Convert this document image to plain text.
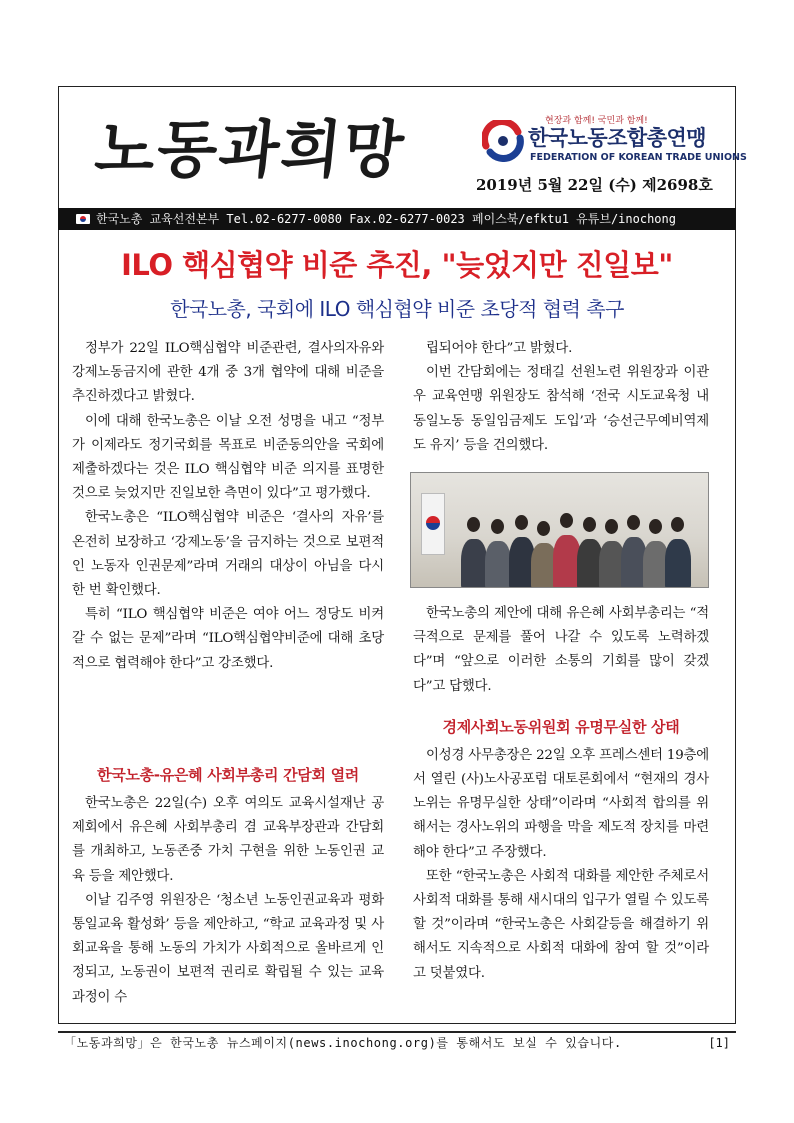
노동과희망	현장과 함께! 국민과 함께!
한국노동조합총연맹
FEDERATION OF KOREAN TRADE UNIONS
2019년 5월 22일 (수) 제2698호
한국노총 교육선전본부 Tel.02-6277-0080 Fax.02-6277-0023 페이스북/efktu1 유튜브/inochong
ILO 핵심협약 비준 추진, "늦었지만 진일보"
한국노총, 국회에 ILO 핵심협약 비준 초당적 협력 촉구

정부가 22일 ILO핵심협약 비준관련, 결사의자유와 강제노동금지에 관한 4개 중 3개 협약에 대해 비준을 추진하겠다고 밝혔다.

이에 대해 한국노총은 이날 오전 성명을 내고 “정부가 이제라도 정기국회를 목표로 비준동의안을 국회에 제출하겠다는 것은 ILO 핵심협약 비준 의지를 표명한 것으로 늦었지만 진일보한 측면이 있다”고 평가했다.

한국노총은 “ILO핵심협약 비준은 ‘결사의 자유’를 온전히 보장하고 ‘강제노동’을 금지하는 것으로 보편적인 노동자 인권문제”라며 거래의 대상이 아님을 다시 한 번 확인했다.

특히 “ILO 핵심협약 비준은 여야 어느 정당도 비켜갈 수 없는 문제”라며 “ILO핵심협약비준에 대해 초당적으로 협력해야 한다”고 강조했다.

한국노총-유은혜 사회부총리 간담회 열려

한국노총은 22일(수) 오후 여의도 교육시설재난 공제회에서 유은혜 사회부총리 겸 교육부장관과 간담회를 개최하고, 노동존중 가치 구현을 위한 노동인권 교육 등을 제안했다.

이날 김주영 위원장은 ‘청소년 노동인권교육과 평화 통일교육 활성화’ 등을 제안하고, “학교 교육과정 및 사회교육을 통해 노동의 가치가 사회적으로 올바르게 인정되고, 노동권이 보편적 권리로 확립될 수 있는 교육과정이 수

립되어야 한다”고 밝혔다.

이번 간담회에는 정태길 선원노련 위원장과 이관우 교육연맹 위원장도 참석해 ‘전국 시도교육청 내 동일노동 동일임금제도 도입’과 ‘승선근무예비역제도 유지’ 등을 건의했다.

한국노총의 제안에 대해 유은혜 사회부총리는 “적극적으로 문제를 풀어 나갈 수 있도록 노력하겠다”며 “앞으로 이러한 소통의 기회를 많이 갖겠다”고 답했다.

경제사회노동위원회 유명무실한 상태

이성경 사무총장은 22일 오후 프레스센터 19층에서 열린 (사)노사공포럼 대토론회에서 “현재의 경사노위는 유명무실한 상태”이라며 “사회적 합의를 위해서는 경사노위의 파행을 막을 제도적 장치를 마련해야 한다”고 주장했다.

또한 “한국노총은 사회적 대화를 제안한 주체로서 사회적 대화를 통해 새시대의 입구가 열릴 수 있도록 할 것”이라며 “한국노총은 사회갈등을 해결하기 위해서도 지속적으로 사회적 대화에 참여 할 것”이라고 덧붙였다.

「노동과희망」은 한국노총 뉴스페이지(news.inochong.org)를 통해서도 보실 수 있습니다.	[1]
